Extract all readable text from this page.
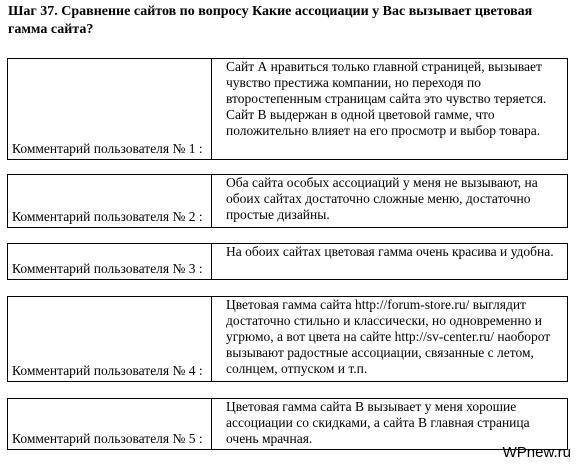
Шаг 37. Сравнение сайтов по вопросу Какие ассоциации у Вас вызывает цветовая гамма сайта?
Комментарий пользователя № 1 :
Сайт А нравиться только главной страницей, вызывает чувство престижа компании, но переходя по второстепенным страницам сайта это чувство теряется. Сайт В выдержан в одной цветовой гамме, что положительно влияет на его просмотр и выбор товара.
Комментарий пользователя № 2 :
Оба сайта особых ассоциаций у меня не вызывают, на обоих сайтах достаточно сложные меню, достаточно простые дизайны.
Комментарий пользователя № 3 :
На обоих сайтах цветовая гамма очень красива и удобна.
Комментарий пользователя № 4 :
Цветовая гамма сайта http://forum-store.ru/ выглядит достаточно стильно и классически, но одновременно и угрюмо, а вот цвета на сайте http://sv-center.ru/ наоборот вызывают радостные ассоциации, связанные с летом, солнцем, отпуском и т.п.
Комментарий пользователя № 5 :
Цветовая гамма сайта В вызывает у меня хорошие ассоциации со скидками, а сайта В главная страница очень мрачная.
WPnew.ru
